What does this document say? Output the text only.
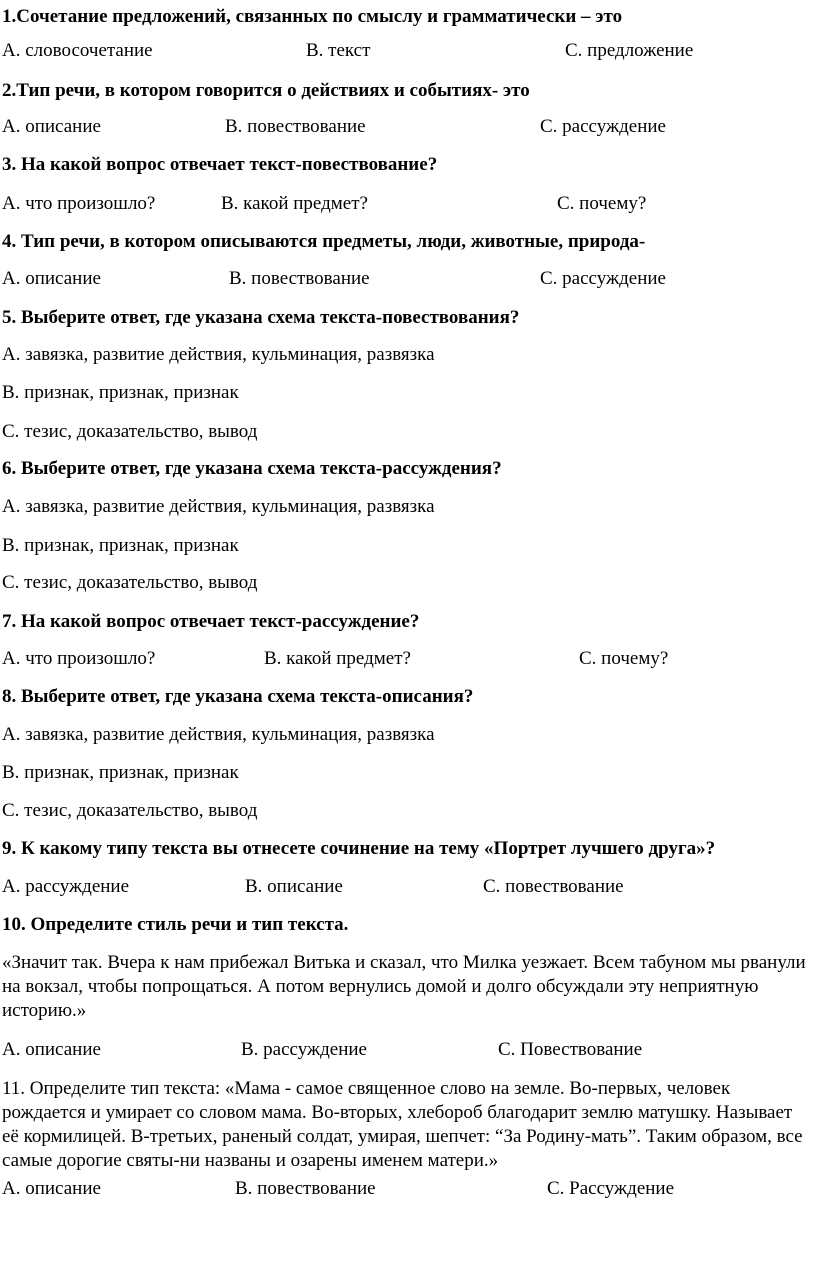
1.Сочетание предложений, связанных по смыслу и грамматически – это
А. словосочетание	В. текст	С. предложение
2.Тип речи, в котором говорится о действиях и событиях- это
А. описание	В. повествование	С. рассуждение
3. На какой вопрос отвечает текст-повествование?
А. что произошло?	В. какой предмет?	С. почему?
4. Тип речи, в котором описываются предметы, люди, животные, природа-
А. описание	В. повествование	С. рассуждение
5. Выберите ответ, где указана схема текста-повествования?
А. завязка, развитие действия, кульминация, развязка
В. признак, признак, признак
С. тезис, доказательство, вывод
6. Выберите ответ, где указана схема текста-рассуждения?
А. завязка, развитие действия, кульминация, развязка
В. признак, признак, признак
С. тезис, доказательство, вывод
7. На какой вопрос отвечает текст-рассуждение?
А. что произошло?	В. какой предмет?	С. почему?
8. Выберите ответ, где указана схема текста-описания?
А. завязка, развитие действия, кульминация, развязка
В. признак, признак, признак
С. тезис, доказательство, вывод
9. К какому типу текста вы отнесете сочинение на тему «Портрет лучшего друга»?
А. рассуждение	В. описание	С. повествование
10. Определите стиль речи и тип текста.
«Значит так. Вчера к нам прибежал Витька и сказал, что Милка уезжает. Всем табуном мы рванули на вокзал, чтобы попрощаться. А потом вернулись домой и долго обсуждали эту неприятную историю.»
А. описание	В. рассуждение	С. Повествование
11. Определите тип текста: «Мама - самое священное слово на земле. Во-первых, человек рождается и умирает со словом мама. Во-вторых, хлебороб благодарит землю матушку. Называет её кормилицей. В-третьих, раненый солдат, умирая, шепчет: “За Родину-мать”. Таким образом, все самые дорогие святы-ни названы и озарены именем матери.»
А. описание	В. повествование	С. Рассуждение
